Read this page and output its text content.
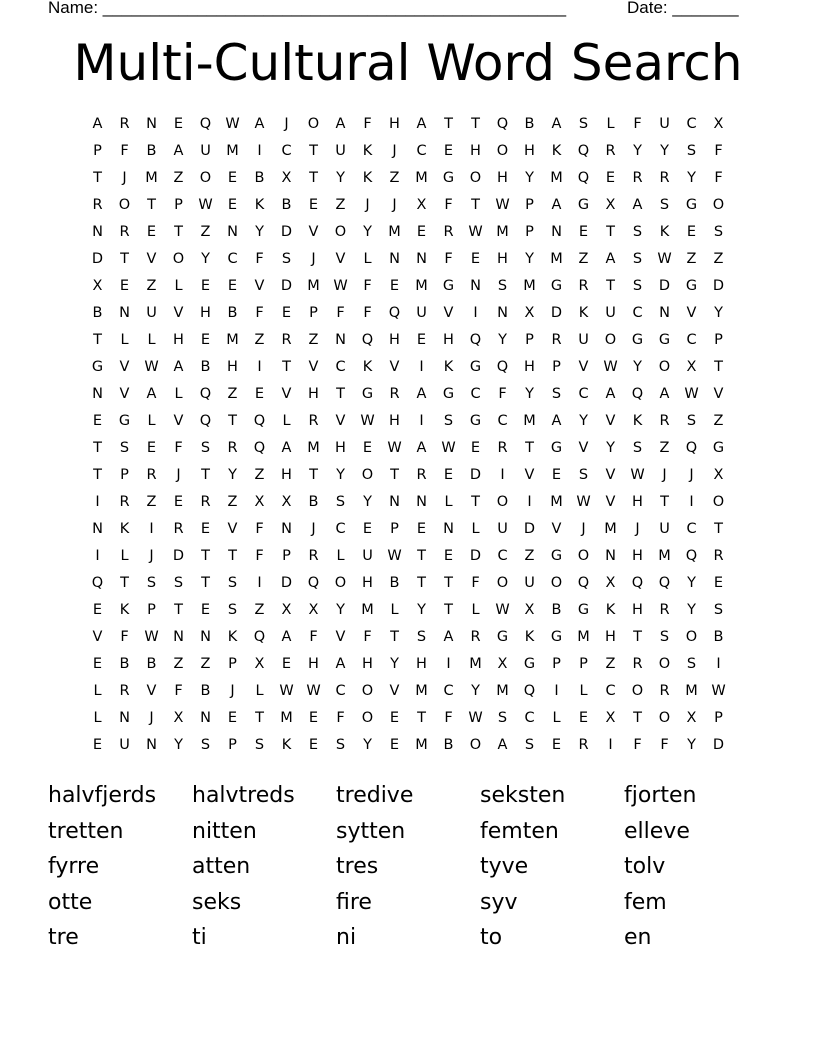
Name: _________________________________________________	Date: _______
Multi-Cultural Word Search
A	R	N	E	Q W	A	J	O	A	F	H	A	T	T	Q	B	A	S	L	F	U	C	X
P	F	B	A	U	M	I	C	T	U	K	J	C	E	H	O	H	K	Q	R	Y	Y	S	F
T	J	M	Z	O	E	B	X	T	Y	K	Z	M	G	O	H	Y	M	Q	E	R	R	Y	F
R	O	T	P	W	E	K	B	E	Z	J	J	X	F	T	W	P	A	G	X	A	S	G	O
N	R	E	T	Z	N	Y	D	V	O	Y	M	E	R	W M	P	N	E	T	S	K	E	S
D	T	V	O	Y	C	F	S	J	V	L	N	N	F	E	H	Y	M	Z	A	S	W	Z	Z
X	E	Z	L	E	E	V	D	M W	F	E	M	G	N	S	M	G	R	T	S	D	G	D
B	N	U	V	H	B	F	E	P	F	F	Q	U	V	I	N	X	D	K	U	C	N	V	Y
T	L	L	H	E	M	Z	R	Z	N	Q	H	E	H	Q	Y	P	R	U	O	G	G	C	P
G	V	W	A	B	H	I	T	V	C	K	V	I	K	G	Q	H	P	V	W	Y	O	X	T
N	V	A	L	Q	Z	E	V	H	T	G	R	A	G	C	F	Y	S	C	A	Q	A	W	V
E	G	L	V	Q	T	Q	L	R	V	W H	I	S	G	C	M	A	Y	V	K	R	S	Z
T	S	E	F	S	R	Q	A	M	H	E	W	A	W	E	R	T	G	V	Y	S	Z	Q	G
T	P	R	J	T	Y	Z	H	T	Y	O	T	R	E	D	I	V	E	S	V	W	J	J	X
I	R	Z	E	R	Z	X	X	B	S	Y	N	N	L	T	O	I	M W	V	H	T	I	O
N	K	I	R	E	V	F	N	J	C	E	P	E	N	L	U	D	V	J	M	J	U	C	T
I	L	J	D	T	T	F	P	R	L	U	W	T	E	D	C	Z	G	O	N	H	M	Q	R
Q	T	S	S	T	S	I	D	Q	O	H	B	T	T	F	O	U	O	Q	X	Q	Q	Y	E
E	K	P	T	E	S	Z	X	X	Y	M	L	Y	T	L	W	X	B	G	K	H	R	Y	S
V	F	W N	N	K	Q	A	F	V	F	T	S	A	R	G	K	G	M	H	T	S	O	B
E	B	B	Z	Z	P	X	E	H	A	H	Y	H	I	M	X	G	P	P	Z	R	O	S	I
L	R	V	F	B	J	L	W W	C	O	V	M	C	Y	M	Q	I	L	C	O	R	M W
L	N	J	X	N	E	T	M	E	F	O	E	T	F	W	S	C	L	E	X	T	O	X	P
E	U	N	Y	S	P	S	K	E	S	Y	E	M	B	O	A	S	E	R	I	F	F	Y	D
halvfjerds	halvtreds	tredive	seksten	fjorten
tretten	nitten	sytten	femten	elleve
fyrre	atten	tres	tyve	tolv
otte	seks	fire	syv	fem
tre	ti	ni	to	en
